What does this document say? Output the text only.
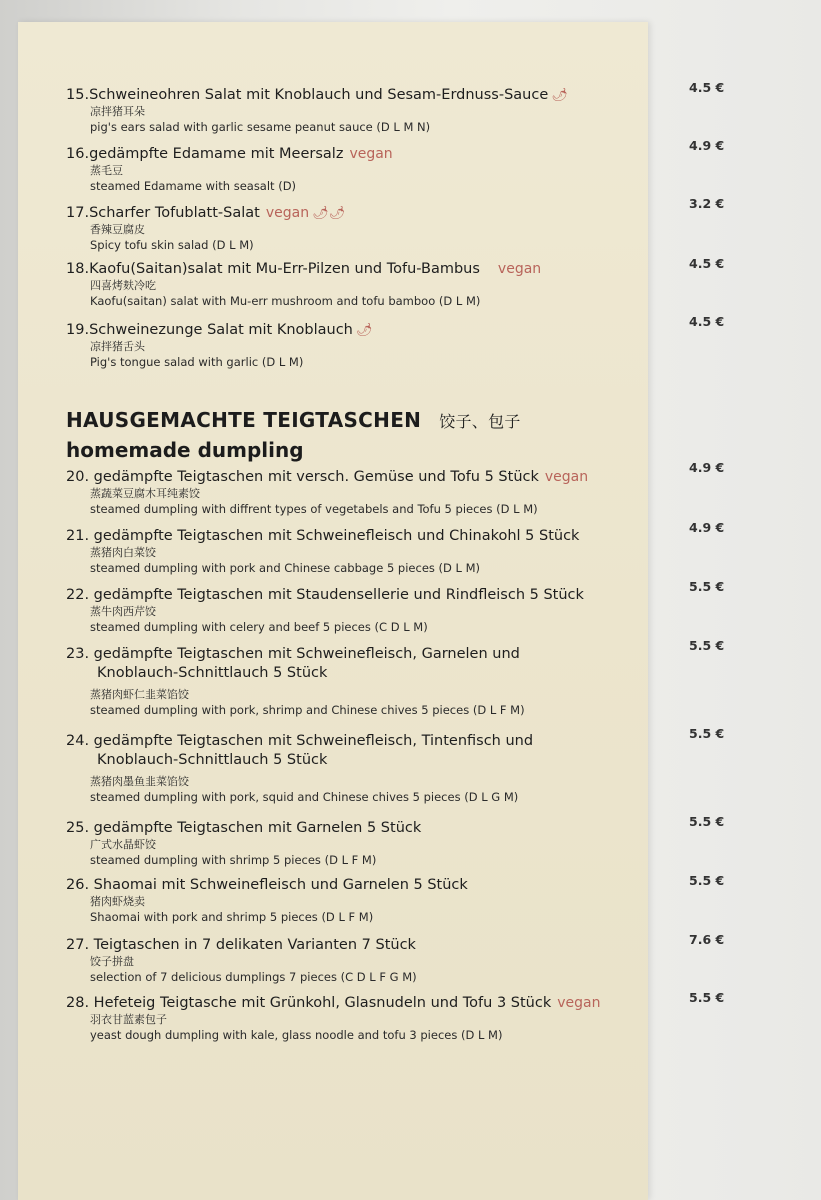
15.Schweineohren Salat mit Knoblauch und Sesam-Erdnuss-Sauce 🌶
凉拌猪耳朵
pig's ears salad with garlic sesame peanut sauce (D L M N)
4.5 €
16.gedämpfte Edamame mit Meersalz vegan
蒸毛豆
steamed Edamame with seasalt (D)
4.9 €
17.Scharfer Tofublatt-Salat vegan 🌶🌶
香辣豆腐皮
Spicy tofu skin salad (D L M)
3.2 €
18.Kaofu(Saitan)salat mit Mu-Err-Pilzen und Tofu-Bambus vegan
四喜烤麸冷吃
Kaofu(saitan) salat with Mu-err mushroom and tofu bamboo (D L M)
4.5 €
19.Schweinezunge Salat mit Knoblauch 🌶
凉拌猪舌头
Pig's tongue salad with garlic (D L M)
4.5 €
HAUSGEMACHTE TEIGTASCHEN 饺子、包子
homemade dumpling
20. gedämpfte Teigtaschen mit versch. Gemüse und Tofu 5 Stück vegan
蒸蔬菜豆腐木耳纯素饺
steamed dumpling with diffrent types of vegetabels and Tofu 5 pieces (D L M)
4.9 €
21. gedämpfte Teigtaschen mit Schweinefleisch und Chinakohl 5 Stück
蒸猪肉白菜饺
steamed dumpling with pork and Chinese cabbage 5 pieces (D L M)
4.9 €
22. gedämpfte Teigtaschen mit Staudensellerie und Rindfleisch 5 Stück
蒸牛肉西芹饺
steamed dumpling with celery and beef 5 pieces (C D L M)
5.5 €
23. gedämpfte Teigtaschen mit Schweinefleisch, Garnelen und
Knoblauch-Schnittlauch 5 Stück
蒸猪肉虾仁韭菜馅饺
steamed dumpling with pork, shrimp and Chinese chives 5 pieces (D L F M)
5.5 €
24. gedämpfte Teigtaschen mit Schweinefleisch, Tintenfisch und
Knoblauch-Schnittlauch 5 Stück
蒸猪肉墨鱼韭菜馅饺
steamed dumpling with pork, squid and Chinese chives 5 pieces (D L G M)
5.5 €
25. gedämpfte Teigtaschen mit Garnelen 5 Stück
广式水晶虾饺
steamed dumpling with shrimp 5 pieces (D L F M)
5.5 €
26. Shaomai mit Schweinefleisch und Garnelen 5 Stück
猪肉虾烧卖
Shaomai with pork and shrimp 5 pieces (D L F M)
5.5 €
27. Teigtaschen in 7 delikaten Varianten 7 Stück
饺子拼盘
selection of 7 delicious dumplings 7 pieces (C D L F G M)
7.6 €
28. Hefeteig Teigtasche mit Grünkohl, Glasnudeln und Tofu 3 Stück vegan
羽衣甘蓝素包子
yeast dough dumpling with kale, glass noodle and tofu 3 pieces (D L M)
5.5 €
